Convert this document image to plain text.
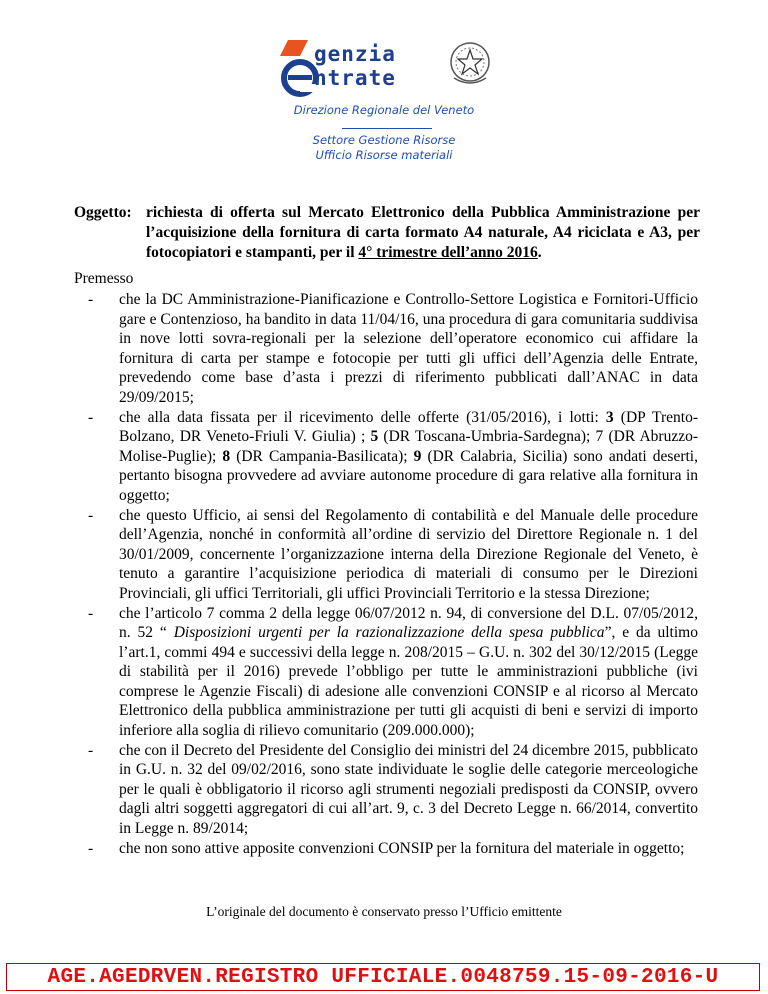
genzia
ntrate
Direzione Regionale del Veneto
Settore Gestione Risorse
Ufficio Risorse materiali
Oggetto: richiesta di offerta sul Mercato Elettronico della Pubblica Amministrazione per l’acquisizione della fornitura di carta formato A4 naturale, A4 riciclata e A3, per fotocopiatori e stampanti, per il 4° trimestre dell’anno 2016.
Premesso
- che la DC Amministrazione-Pianificazione e Controllo-Settore Logistica e Fornitori-Ufficio gare e Contenzioso, ha bandito in data 11/04/16, una procedura di gara comunitaria suddivisa in nove lotti sovra-regionali per la selezione dell’operatore economico cui affidare la fornitura di carta per stampe e fotocopie per tutti gli uffici dell’Agenzia delle Entrate, prevedendo come base d’asta i prezzi di riferimento pubblicati dall’ANAC in data 29/09/2015;
- che alla data fissata per il ricevimento delle offerte (31/05/2016), i lotti: 3 (DP Trento-Bolzano, DR Veneto-Friuli V. Giulia) ; 5 (DR Toscana-Umbria-Sardegna); 7 (DR Abruzzo-Molise-Puglie); 8 (DR Campania-Basilicata); 9 (DR Calabria, Sicilia) sono andati deserti, pertanto bisogna provvedere ad avviare autonome procedure di gara relative alla fornitura in oggetto;
- che questo Ufficio, ai sensi del Regolamento di contabilità e del Manuale delle procedure dell’Agenzia, nonché in conformità all’ordine di servizio del Direttore Regionale n. 1 del 30/01/2009, concernente l’organizzazione interna della Direzione Regionale del Veneto, è tenuto a garantire l’acquisizione periodica di materiali di consumo per le Direzioni Provinciali, gli uffici Territoriali, gli uffici Provinciali Territorio e la stessa Direzione;
- che l’articolo 7 comma 2 della legge 06/07/2012 n. 94, di conversione del D.L. 07/05/2012, n. 52 “ Disposizioni urgenti per la razionalizzazione della spesa pubblica”, e da ultimo l’art.1, commi 494 e successivi della legge n. 208/2015 – G.U. n. 302 del 30/12/2015 (Legge di stabilità per il 2016) prevede l’obbligo per tutte le amministrazioni pubbliche (ivi comprese le Agenzie Fiscali) di adesione alle convenzioni CONSIP e al ricorso al Mercato Elettronico della pubblica amministrazione per tutti gli acquisti di beni e servizi di importo inferiore alla soglia di rilievo comunitario (209.000.000);
- che con il Decreto del Presidente del Consiglio dei ministri del 24 dicembre 2015, pubblicato in G.U. n. 32 del 09/02/2016, sono state individuate le soglie delle categorie merceologiche per le quali è obbligatorio il ricorso agli strumenti negoziali predisposti da CONSIP, ovvero dagli altri soggetti aggregatori di cui all’art. 9, c. 3 del Decreto Legge n. 66/2014, convertito in Legge n. 89/2014;
- che non sono attive apposite convenzioni CONSIP per la fornitura del materiale in oggetto;
L’originale del documento è conservato presso l’Ufficio emittente
AGE.AGEDRVEN.REGISTRO UFFICIALE.0048759.15-09-2016-U
